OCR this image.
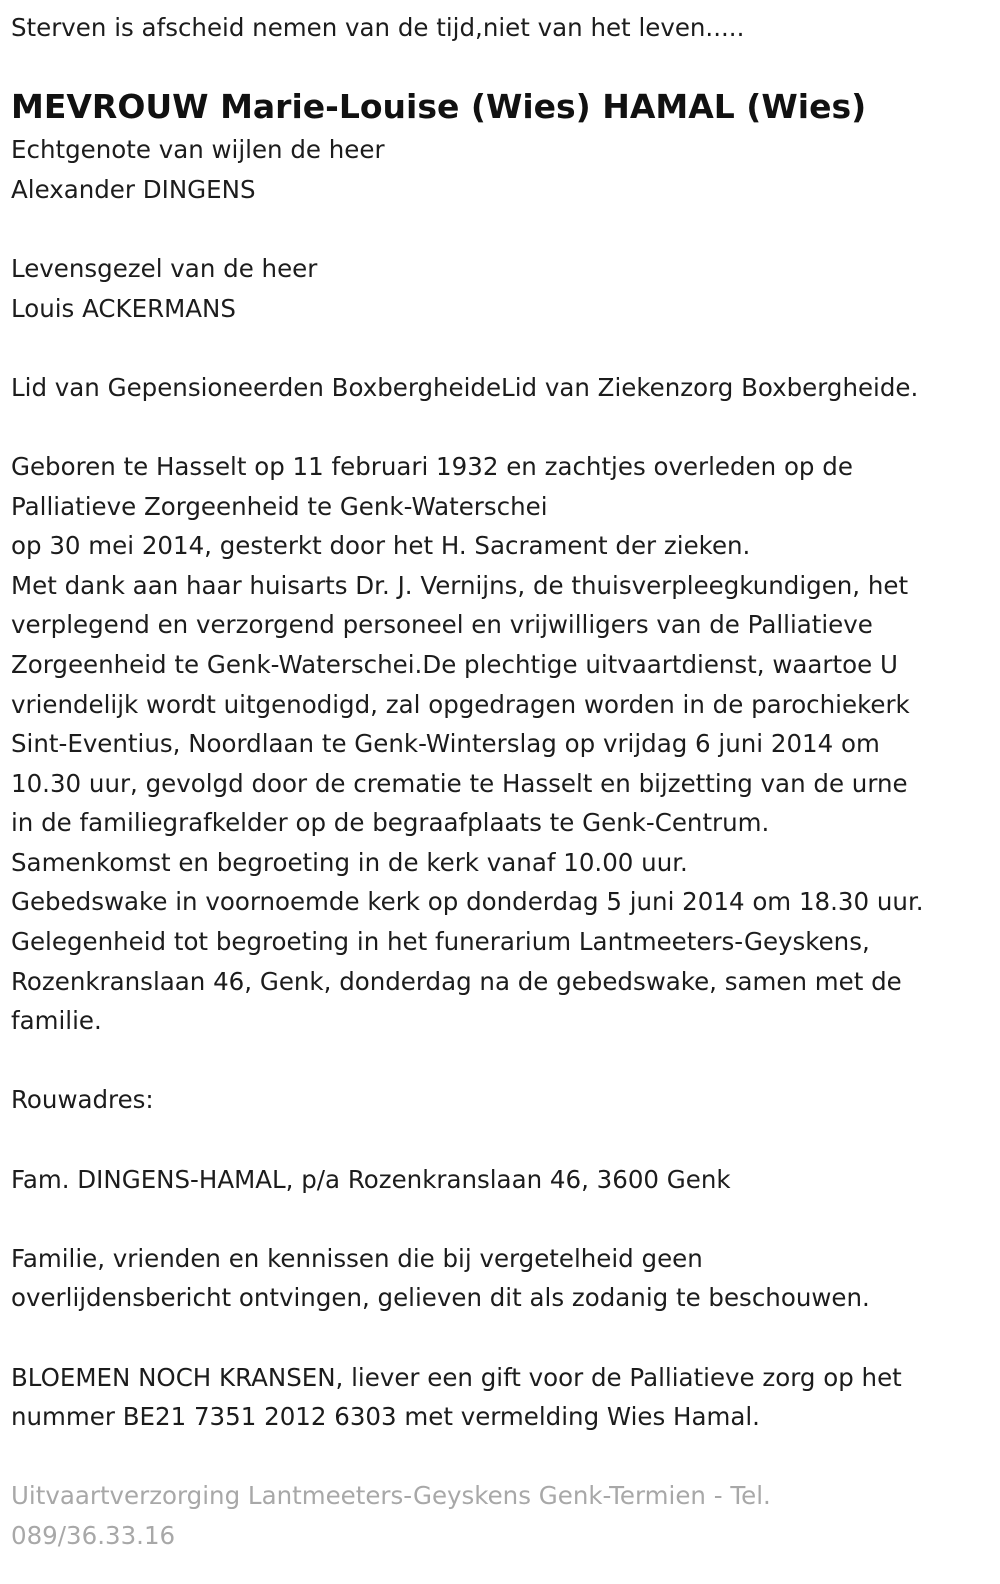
Sterven is afscheid nemen van de tijd,niet van het leven.....

MEVROUW Marie-Louise (Wies) HAMAL (Wies)

Echtgenote van wijlen de heer

Alexander DINGENS

Levensgezel van de heer

Louis ACKERMANS

Lid van Gepensioneerden BoxbergheideLid van Ziekenzorg Boxbergheide.

Geboren te Hasselt op 11 februari 1932 en zachtjes overleden op de

Palliatieve Zorgeenheid te Genk-Waterschei

op 30 mei 2014, gesterkt door het H. Sacrament der zieken.

Met dank aan haar huisarts Dr. J. Vernijns, de thuisverpleegkundigen, het

verplegend en verzorgend personeel en vrijwilligers van de Palliatieve

Zorgeenheid te Genk-Waterschei.De plechtige uitvaartdienst, waartoe U

vriendelijk wordt uitgenodigd, zal opgedragen worden in de parochiekerk

Sint-Eventius, Noordlaan te Genk-Winterslag op vrijdag 6 juni 2014 om

10.30 uur, gevolgd door de crematie te Hasselt en bijzetting van de urne

in de familiegrafkelder op de begraafplaats te Genk-Centrum.

Samenkomst en begroeting in de kerk vanaf 10.00 uur.

Gebedswake in voornoemde kerk op donderdag 5 juni 2014 om 18.30 uur.

Gelegenheid tot begroeting in het funerarium Lantmeeters-Geyskens,

Rozenkranslaan 46, Genk, donderdag na de gebedswake, samen met de

familie.

Rouwadres:

Fam. DINGENS-HAMAL, p/a Rozenkranslaan 46, 3600 Genk

Familie, vrienden en kennissen die bij vergetelheid geen

overlijdensbericht ontvingen, gelieven dit als zodanig te beschouwen.

BLOEMEN NOCH KRANSEN, liever een gift voor de Palliatieve zorg op het

nummer BE21 7351 2012 6303 met vermelding Wies Hamal.

Uitvaartverzorging Lantmeeters-Geyskens Genk-Termien - Tel.

089/36.33.16
